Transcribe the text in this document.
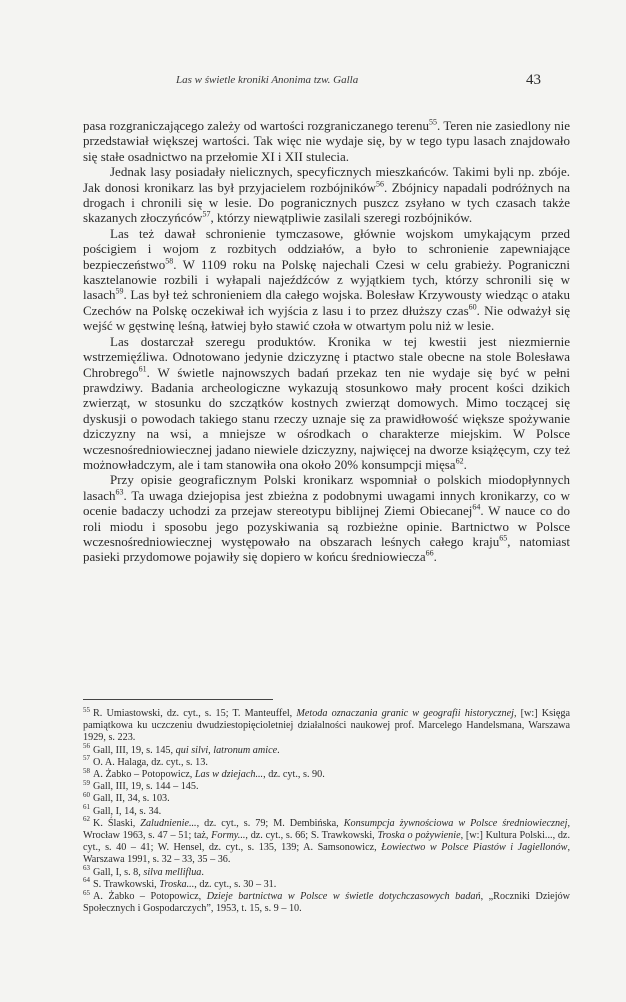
Las w świetle kroniki Anonima tzw. Galla	43

pasa rozgraniczającego zależy od wartości rozgraniczanego terenu$^{55}$. Teren nie zasiedlony nie przedstawiał większej wartości. Tak więc nie wydaje się, by w tego typu lasach znajdowało się stałe osadnictwo na przełomie XI i XII stulecia.

Jednak lasy posiadały nielicznych, specyficznych mieszkańców. Takimi byli np. zbóje. Jak donosi kronikarz las był przyjacielem rozbójników$^{56}$. Zbójnicy napadali podróżnych na drogach i chronili się w lesie. Do pogranicznych puszcz zsyłano w tych czasach także skazanych złoczyńców$^{57}$, którzy niewątpliwie zasilali szeregi rozbójników.

Las też dawał schronienie tymczasowe, głównie wojskom umykającym przed pościgiem i wojom z rozbitych oddziałów, a było to schronienie zapewniające bezpieczeństwo$^{58}$. W 1109 roku na Polskę najechali Czesi w celu grabieży. Pograniczni kasztelanowie rozbili i wyłapali najeźdźców z wyjątkiem tych, którzy schronili się w lasach$^{59}$. Las był też schronieniem dla całego wojska. Bolesław Krzywousty wiedząc o ataku Czechów na Polskę oczekiwał ich wyjścia z lasu i to przez dłuższy czas$^{60}$. Nie odważył się wejść w gęstwinę leśną, łatwiej było stawić czoła w otwartym polu niż w lesie.

Las dostarczał szeregu produktów. Kronika w tej kwestii jest niezmiernie wstrzemięźliwa. Odnotowano jedynie dziczyznę i ptactwo stale obecne na stole Bolesława Chrobrego$^{61}$. W świetle najnowszych badań przekaz ten nie wydaje się być w pełni prawdziwy. Badania archeologiczne wykazują stosunkowo mały procent kości dzikich zwierząt, w stosunku do szczątków kostnych zwierząt domowych. Mimo toczącej się dyskusji o powodach takiego stanu rzeczy uznaje się za prawidłowość większe spożywanie dziczyzny na wsi, a mniejsze w ośrodkach o charakterze miejskim. W Polsce wczesnośredniowiecznej jadano niewiele dziczyzny, najwięcej na dworze książęcym, czy też możnowładczym, ale i tam stanowiła ona około 20% konsumpcji mięsa$^{62}$.

Przy opisie geograficznym Polski kronikarz wspomniał o polskich miodopłynnych lasach$^{63}$. Ta uwaga dziejopisa jest zbieżna z podobnymi uwagami innych kronikarzy, co w ocenie badaczy uchodzi za przejaw stereotypu biblijnej Ziemi Obiecanej$^{64}$. W nauce co do roli miodu i sposobu jego pozyskiwania są rozbieżne opinie. Bartnictwo w Polsce wczesnośredniowiecznej występowało na obszarach leśnych całego kraju$^{65}$, natomiast pasieki przydomowe pojawiły się dopiero w końcu średniowiecza$^{66}$.

$^{55}$ R. Umiastowski, dz. cyt., s. 15; T. Manteuffel, Metoda oznaczania granic w geografii historycznej, [w:] Księga pamiątkowa ku uczczeniu dwudziestopięcioletniej działalności naukowej prof. Marcelego Handelsmana, Warszawa 1929, s. 223.

$^{56}$ Gall, III, 19, s. 145, qui silvi, latronum amice.

$^{57}$ O. A. Halaga, dz. cyt., s. 13.

$^{58}$ A. Żabko – Potopowicz, Las w dziejach..., dz. cyt., s. 90.

$^{59}$ Gall, III, 19, s. 144 – 145.

$^{60}$ Gall, II, 34, s. 103.

$^{61}$ Gall, I, 14, s. 34.

$^{62}$ K. Ślaski, Zaludnienie..., dz. cyt., s. 79; M. Dembińska, Konsumpcja żywnościowa w Polsce średniowiecznej, Wrocław 1963, s. 47 – 51; taż, Formy..., dz. cyt., s. 66; S. Trawkowski, Troska o pożywienie, [w:] Kultura Polski..., dz. cyt., s. 40 – 41; W. Hensel, dz. cyt., s. 135, 139; A. Samsonowicz, Łowiectwo w Polsce Piastów i Jagiellonów, Warszawa 1991, s. 32 – 33, 35 – 36.

$^{63}$ Gall, I, s. 8, silva melliflua.

$^{64}$ S. Trawkowski, Troska..., dz. cyt., s. 30 – 31.

$^{65}$ A. Żabko – Potopowicz, Dzieje bartnictwa w Polsce w świetle dotychczasowych badań, „Roczniki Dziejów Społecznych i Gospodarczych”, 1953, t. 15, s. 9 – 10.
